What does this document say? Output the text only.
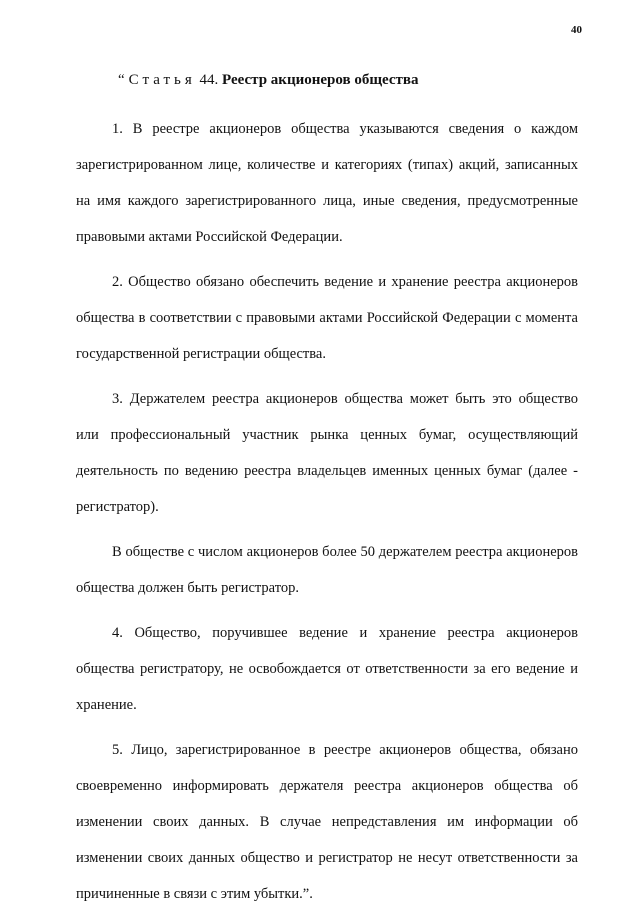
40
“Статья 44. Реестр акционеров общества

1. В реестре акционеров общества указываются сведения о каждом зарегистрированном лице, количестве и категориях (типах) акций, записанных на имя каждого зарегистрированного лица, иные сведения, предусмотренные правовыми актами Российской Федерации.

2. Общество обязано обеспечить ведение и хранение реестра акционеров общества в соответствии с правовыми актами Российской Федерации с момента государственной регистрации общества.

3. Держателем реестра акционеров общества может быть это общество или профессиональный участник рынка ценных бумаг, осуществляющий деятельность по ведению реестра владельцев именных ценных бумаг (далее - регистратор).

В обществе с числом акционеров более 50 держателем реестра акционеров общества должен быть регистратор.

4. Общество, поручившее ведение и хранение реестра акционеров общества регистратору, не освобождается от ответственности за его ведение и хранение.

5. Лицо, зарегистрированное в реестре акционеров общества, обязано своевременно информировать держателя реестра акционеров общества об изменении своих данных. В случае непредставления им информации об изменении своих данных общество и регистратор не несут ответственности за причиненные в связи с этим убытки.”.
